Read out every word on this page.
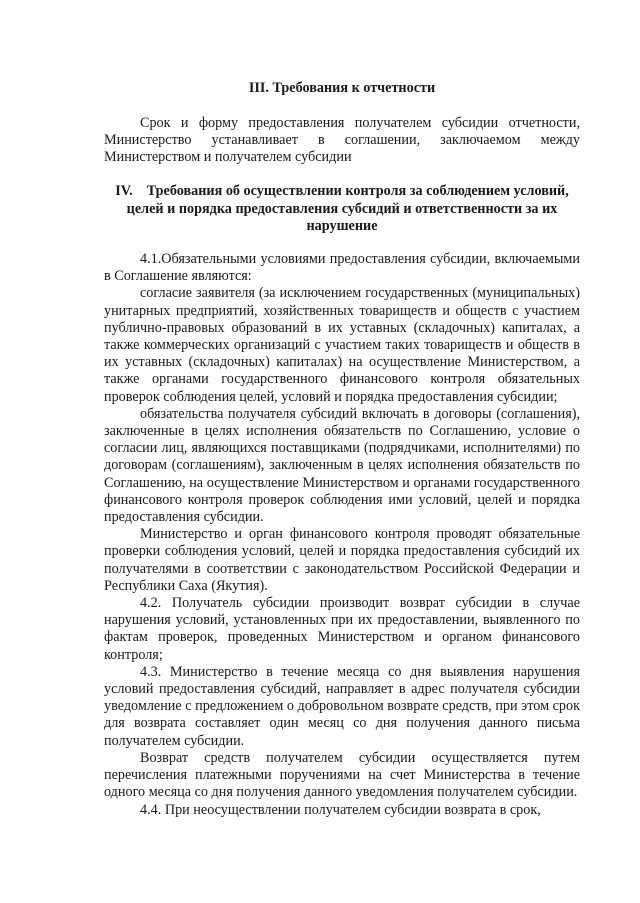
III. Требования к отчетности

Срок и форму предоставления получателем субсидии отчетности, Министерство устанавливает в соглашении, заключаемом между Министерством и получателем субсидии

IV. Требования об осуществлении контроля за соблюдением условий, целей и порядка предоставления субсидий и ответственности за их нарушение

4.1.Обязательными условиями предоставления субсидии, включаемыми в Соглашение являются:

согласие заявителя (за исключением государственных (муниципальных) унитарных предприятий, хозяйственных товариществ и обществ с участием публично-правовых образований в их уставных (складочных) капиталах, а также коммерческих организаций с участием таких товариществ и обществ в их уставных (складочных) капиталах) на осуществление Министерством, а также органами государственного финансового контроля обязательных проверок соблюдения целей, условий и порядка предоставления субсидии;

обязательства получателя субсидий включать в договоры (соглашения), заключенные в целях исполнения обязательств по Соглашению, условие о согласии лиц, являющихся поставщиками (подрядчиками, исполнителями) по договорам (соглашениям), заключенным в целях исполнения обязательств по Соглашению, на осуществление Министерством и органами государственного финансового контроля проверок соблюдения ими условий, целей и порядка предоставления субсидии.

Министерство и орган финансового контроля проводят обязательные проверки соблюдения условий, целей и порядка предоставления субсидий их получателями в соответствии с законодательством Российской Федерации и Республики Саха (Якутия).

4.2. Получатель субсидии производит возврат субсидии в случае нарушения условий, установленных при их предоставлении, выявленного по фактам проверок, проведенных Министерством и органом финансового контроля;

4.3. Министерство в течение месяца со дня выявления нарушения условий предоставления субсидий, направляет в адрес получателя субсидии уведомление с предложением о добровольном возврате средств, при этом срок для возврата составляет один месяц со дня получения данного письма получателем субсидии.

Возврат средств получателем субсидии осуществляется путем перечисления платежными поручениями на счет Министерства в течение одного месяца со дня получения данного уведомления получателем субсидии.

4.4. При неосуществлении получателем субсидии возврата в срок,
